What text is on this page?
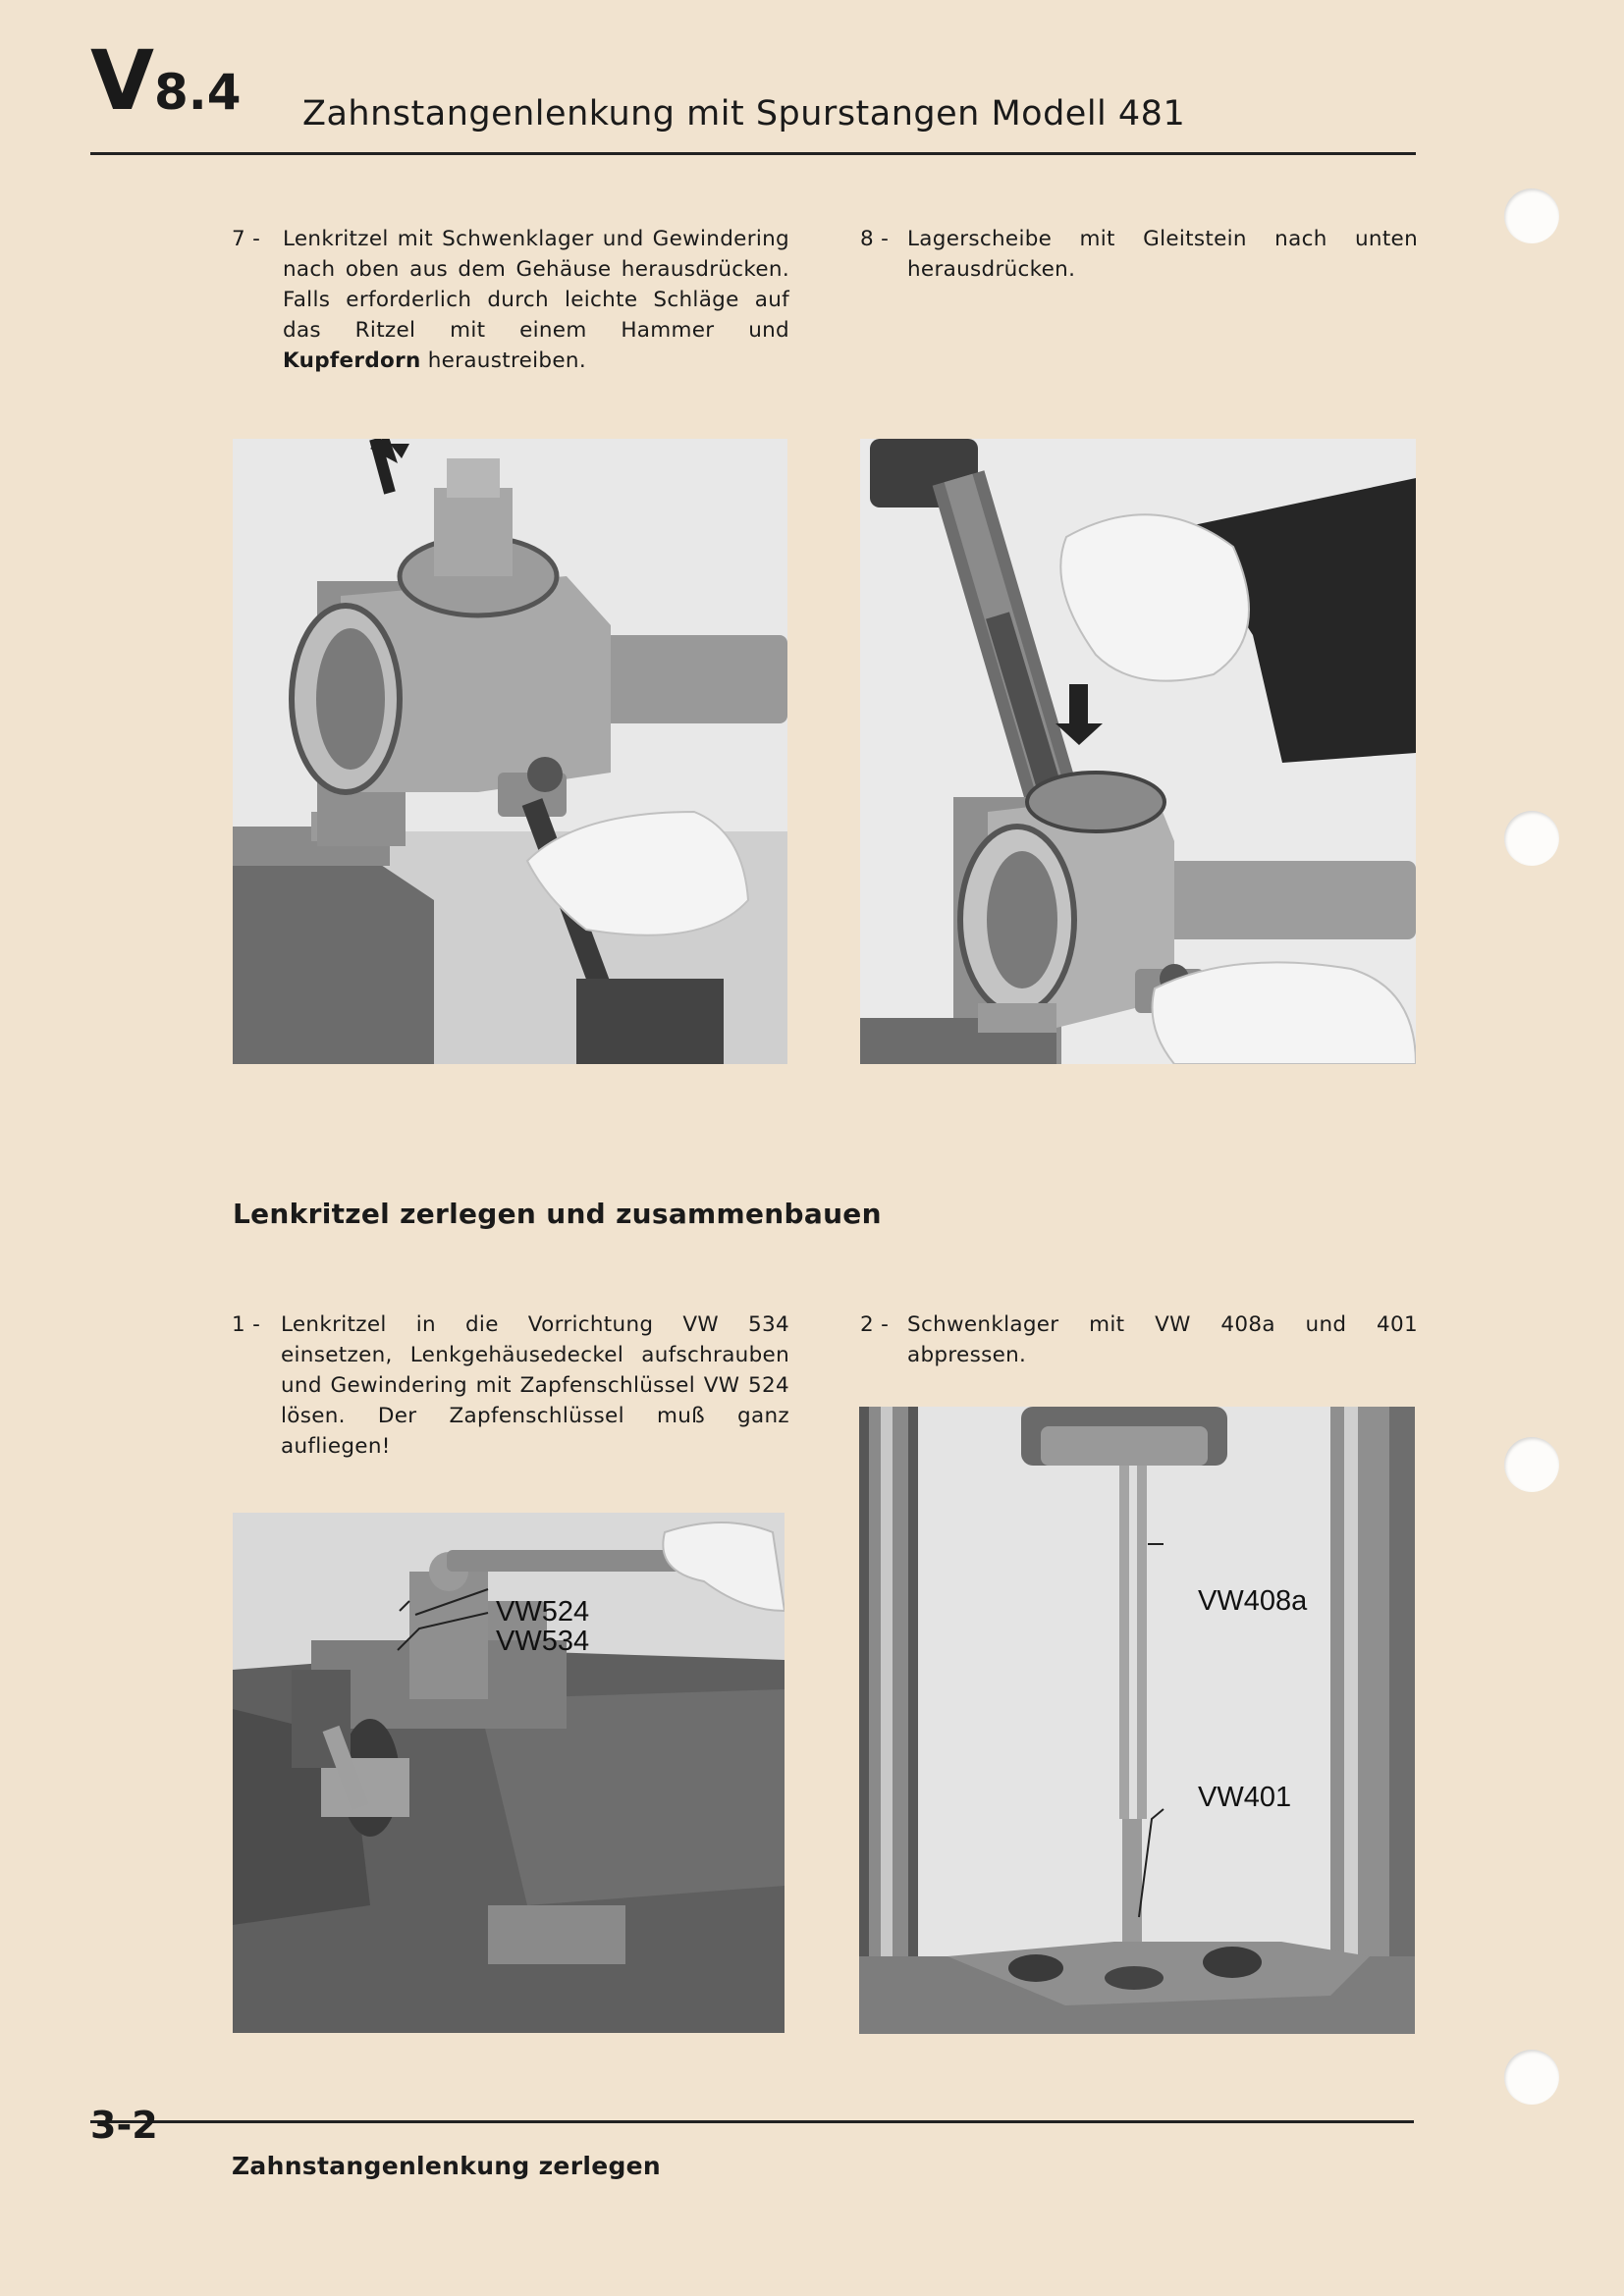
V8.4 Zahnstangenlenkung mit Spurstangen Modell 481
7 -	Lenkritzel mit Schwenklager und Gewindering nach oben aus dem Gehäuse herausdrücken. Falls erforderlich durch leichte Schläge auf das Ritzel mit einem Hammer und Kupferdorn heraustreiben.
8 - Lagerscheibe mit Gleitstein nach unten herausdrücken.
Lenkritzel zerlegen und zusammenbauen
1 - Lenkritzel in die Vorrichtung VW 534 einsetzen, Lenkgehäusedeckel aufschrauben und Gewindering mit Zapfenschlüssel VW 524 lösen. Der Zapfenschlüssel muß ganz aufliegen!
2 - Schwenklager mit VW 408a und 401 abpressen.
VW524
VW534
VW408a
VW401
3-2
Zahnstangenlenkung zerlegen
